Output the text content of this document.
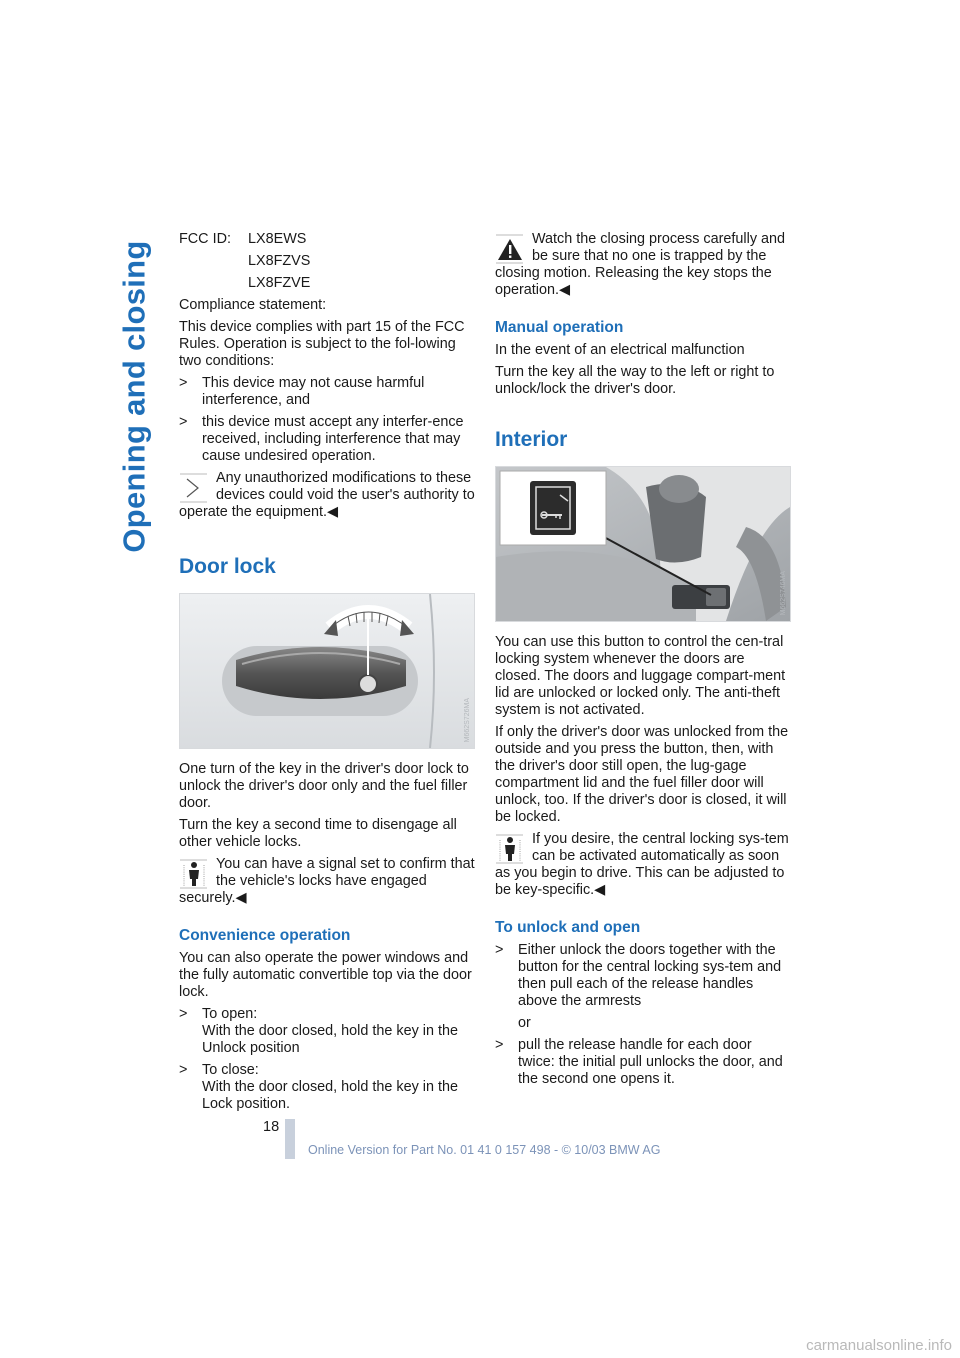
Opening and closing
FCC ID:	LX8EWS
LX8FZVS
LX8FZVE

Compliance statement:

This device complies with part 15 of the FCC Rules. Operation is subject to the fol-lowing two conditions:

>	This device may not cause harmful interference, and
>	this device must accept any interfer-ence received, including interference that may cause undesired operation.
Any unauthorized modifications to these devices could void the user's authority to operate the equipment.◀
Door lock
M662S726MA

One turn of the key in the driver's door lock to unlock the driver's door only and the fuel filler door.

Turn the key a second time to disengage all other vehicle locks.

You can have a signal set to confirm that the vehicle's locks have engaged securely.◀
Convenience operation

You can also operate the power windows and the fully automatic convertible top via the door lock.

>	To open:
With the door closed, hold the key in the Unlock position
>	To close:
With the door closed, hold the key in the Lock position.
Watch the closing process carefully and be sure that no one is trapped by the closing motion. Releasing the key stops the operation.◀
Manual operation

In the event of an electrical malfunction

Turn the key all the way to the left or right to unlock/lock the driver's door.

Interior
M662S746MA

You can use this button to control the cen-tral locking system whenever the doors are closed. The doors and luggage compart-ment lid are unlocked or locked only. The anti-theft system is not activated.

If only the driver's door was unlocked from the outside and you press the button, then, with the driver's door still open, the lug-gage compartment lid and the fuel filler door will unlock, too. If the driver's door is closed, it will be locked.

If you desire, the central locking sys-tem can be activated automatically as soon as you begin to drive. This can be adjusted to be key-specific.◀
To unlock and open
>	Either unlock the doors together with the button for the central locking sys-tem and then pull each of the release handles above the armrests
or
>	pull the release handle for each door twice: the initial pull unlocks the door, and the second one opens it.
18
Online Version for Part No. 01 41 0 157 498 - © 10/03 BMW AG
carmanualsonline.info
